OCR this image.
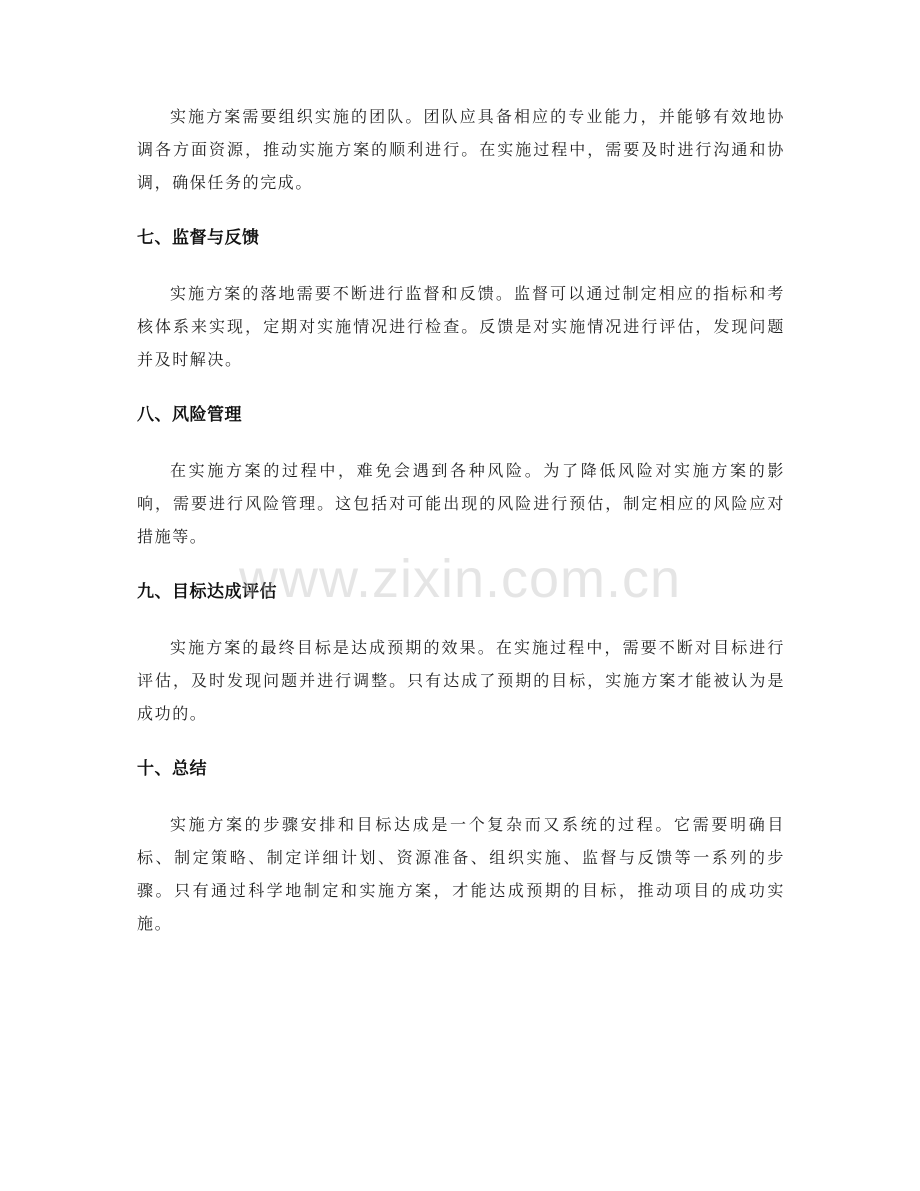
实施方案需要组织实施的团队。团队应具备相应的专业能力，并能够有效地协调各方面资源，推动实施方案的顺利进行。在实施过程中，需要及时进行沟通和协调，确保任务的完成。

七、监督与反馈

实施方案的落地需要不断进行监督和反馈。监督可以通过制定相应的指标和考核体系来实现，定期对实施情况进行检查。反馈是对实施情况进行评估，发现问题并及时解决。

八、风险管理

在实施方案的过程中，难免会遇到各种风险。为了降低风险对实施方案的影响，需要进行风险管理。这包括对可能出现的风险进行预估，制定相应的风险应对措施等。

九、目标达成评估

实施方案的最终目标是达成预期的效果。在实施过程中，需要不断对目标进行评估，及时发现问题并进行调整。只有达成了预期的目标，实施方案才能被认为是成功的。

十、总结

实施方案的步骤安排和目标达成是一个复杂而又系统的过程。它需要明确目标、制定策略、制定详细计划、资源准备、组织实施、监督与反馈等一系列的步骤。只有通过科学地制定和实施方案，才能达成预期的目标，推动项目的成功实施。

www.zixin.com.cn
